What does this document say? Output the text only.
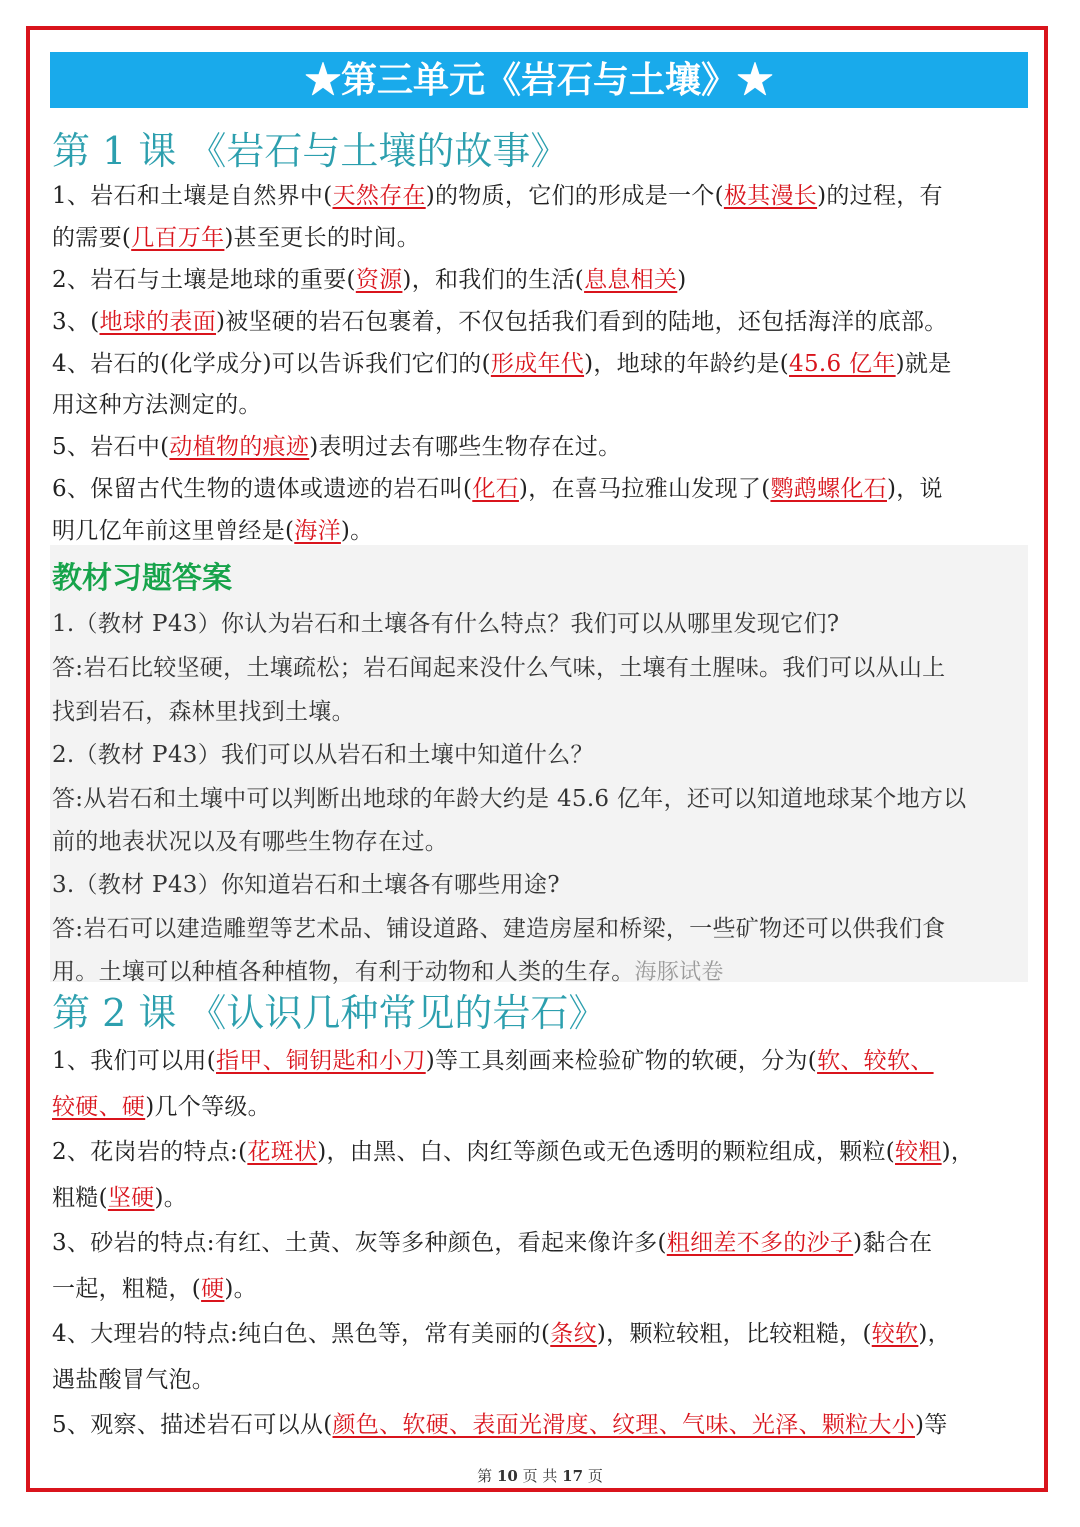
★第三单元《岩石与土壤》★
第 1 课 《岩石与土壤的故事》
1、岩石和土壤是自然界中(天然存在)的物质，它们的形成是一个(极其漫长)的过程，有
的需要(几百万年)甚至更长的时间。
2、岩石与土壤是地球的重要(资源)，和我们的生活(息息相关)
3、(地球的表面)被坚硬的岩石包裹着，不仅包括我们看到的陆地，还包括海洋的底部。
4、岩石的(化学成分)可以告诉我们它们的(形成年代)，地球的年龄约是(45.6 亿年)就是
用这种方法测定的。
5、岩石中(动植物的痕迹)表明过去有哪些生物存在过。
6、保留古代生物的遗体或遗迹的岩石叫(化石)，在喜马拉雅山发现了(鹦鹉螺化石)，说
明几亿年前这里曾经是(海洋)。
教材习题答案
1.（教材 P43）你认为岩石和土壤各有什么特点？我们可以从哪里发现它们?
答:岩石比较坚硬，土壤疏松；岩石闻起来没什么气味，土壤有土腥味。我们可以从山上
找到岩石，森林里找到土壤。
2.（教材 P43）我们可以从岩石和土壤中知道什么？
答:从岩石和土壤中可以判断出地球的年龄大约是 45.6 亿年，还可以知道地球某个地方以
前的地表状况以及有哪些生物存在过。
3.（教材 P43）你知道岩石和土壤各有哪些用途?
答:岩石可以建造雕塑等艺术品、铺设道路、建造房屋和桥梁，一些矿物还可以供我们食
用。土壤可以种植各种植物，有利于动物和人类的生存。海豚试卷
第 2 课 《认识几种常见的岩石》
1、我们可以用(指甲、铜钥匙和小刀)等工具刻画来检验矿物的软硬，分为(软、较软、
较硬、硬)几个等级。
2、花岗岩的特点:(花斑状)，由黑、白、肉红等颜色或无色透明的颗粒组成，颗粒(较粗)，
粗糙(坚硬)。
3、砂岩的特点:有红、土黄、灰等多种颜色，看起来像许多(粗细差不多的沙子)黏合在
一起，粗糙，(硬)。
4、大理岩的特点:纯白色、黑色等，常有美丽的(条纹)，颗粒较粗，比较粗糙，(较软)，
遇盐酸冒气泡。
5、观察、描述岩石可以从(颜色、软硬、表面光滑度、纹理、气味、光泽、颗粒大小)等
第 10 页 共 17 页
